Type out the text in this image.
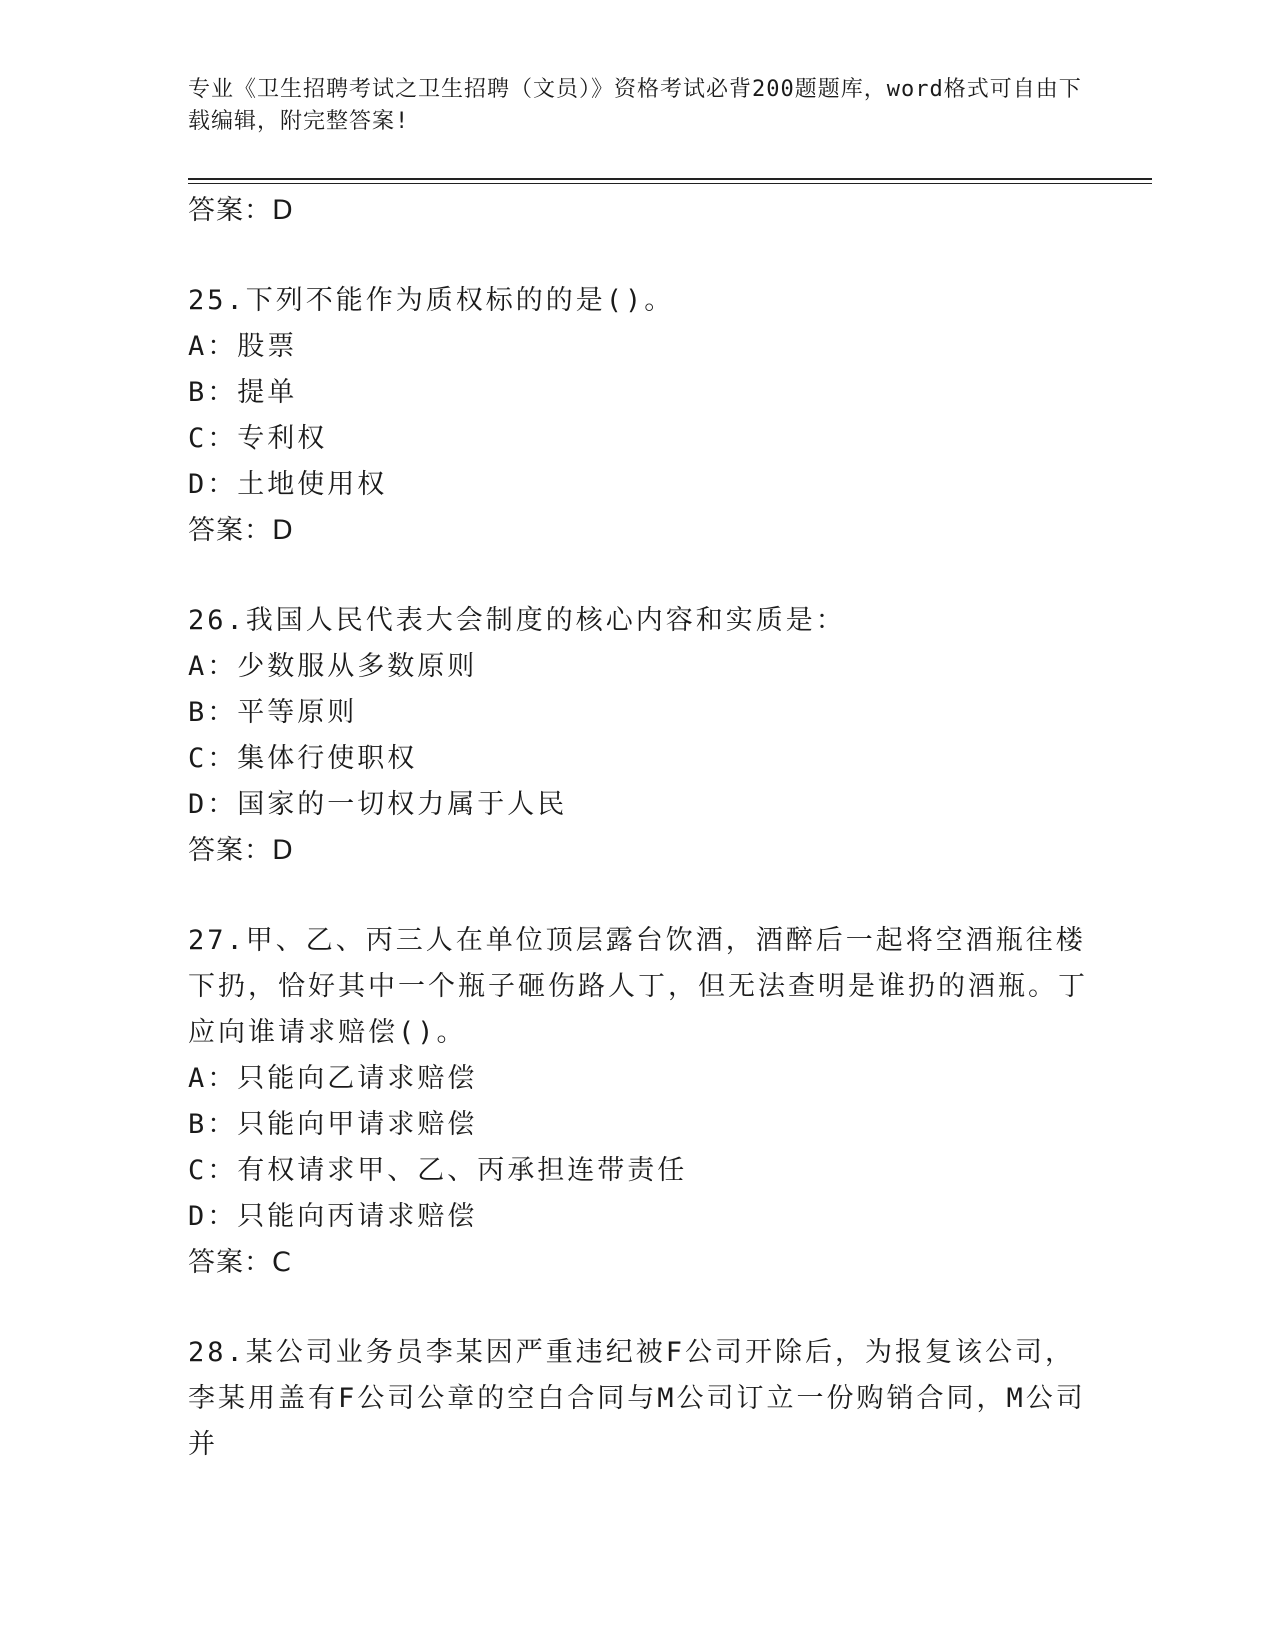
专业《卫生招聘考试之卫生招聘（文员）》资格考试必背200题题库，word格式可自由下载编辑，附完整答案!
答案：D
25.下列不能作为质权标的的是()。
A：股票
B：提单
C：专利权
D：土地使用权
答案：D
26.我国人民代表大会制度的核心内容和实质是：
A：少数服从多数原则
B：平等原则
C：集体行使职权
D：国家的一切权力属于人民
答案：D
27.甲、乙、丙三人在单位顶层露台饮酒，酒醉后一起将空酒瓶往楼下扔，恰好其中一个瓶子砸伤路人丁，但无法查明是谁扔的酒瓶。丁应向谁请求赔偿()。
A：只能向乙请求赔偿
B：只能向甲请求赔偿
C：有权请求甲、乙、丙承担连带责任
D：只能向丙请求赔偿
答案：C
28.某公司业务员李某因严重违纪被F公司开除后，为报复该公司，李某用盖有F公司公章的空白合同与M公司订立一份购销合同，M公司并
